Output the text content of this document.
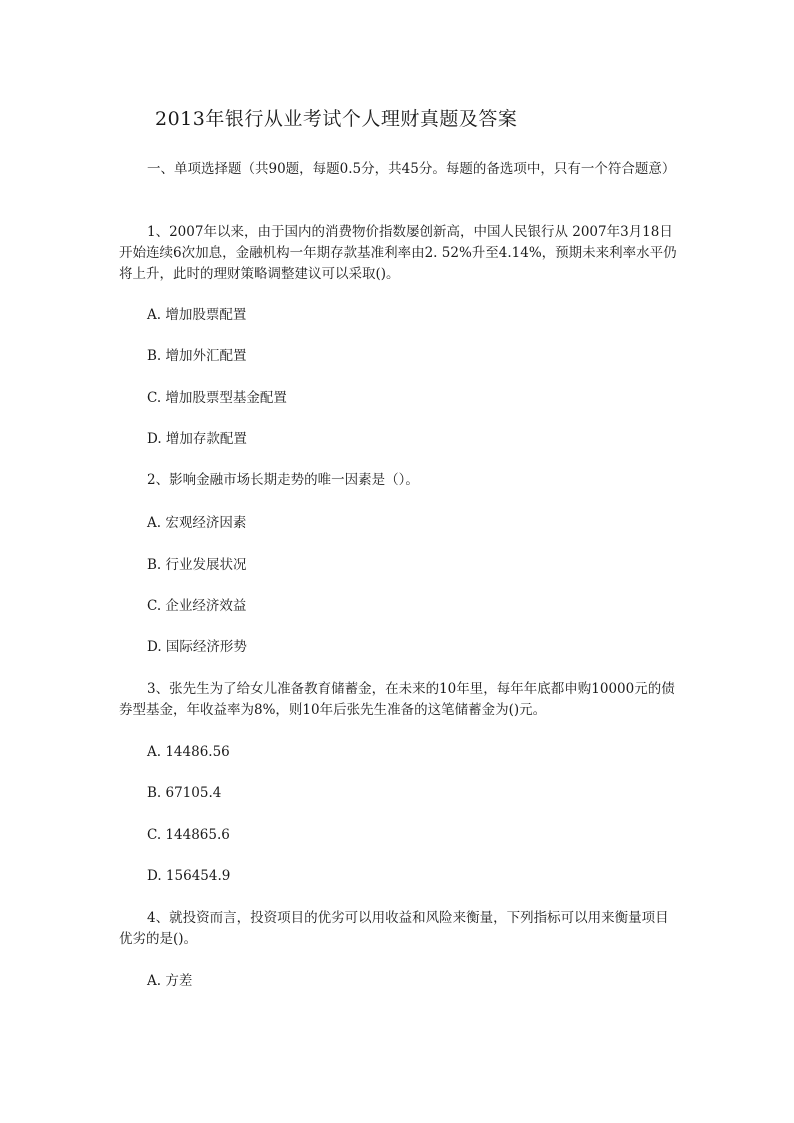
2013年银行从业考试个人理财真题及答案
一、单项选择题（共90题，每题0.5分，共45分。每题的备选项中，只有一个符合题意）
1、2007年以来，由于国内的消费物价指数屡创新高，中国人民银行从 2007年3月18日开始连续6次加息，金融机构一年期存款基准利率由2. 52%升至4.14%，预期未来利率水平仍将上升，此时的理财策略调整建议可以采取()。
A. 增加股票配置
B. 增加外汇配置
C. 增加股票型基金配置
D. 增加存款配置
2、影响金融市场长期走势的唯一因素是（）。
A. 宏观经济因素
B. 行业发展状况
C. 企业经济效益
D. 国际经济形势
3、张先生为了给女儿准备教育储蓄金，在未来的10年里，每年年底都申购10000元的债券型基金，年收益率为8%，则10年后张先生准备的这笔储蓄金为()元。
A. 14486.56
B. 67105.4
C. 144865.6
D. 156454.9
4、就投资而言，投资项目的优劣可以用收益和风险来衡量，下列指标可以用来衡量项目优劣的是()。
A. 方差
